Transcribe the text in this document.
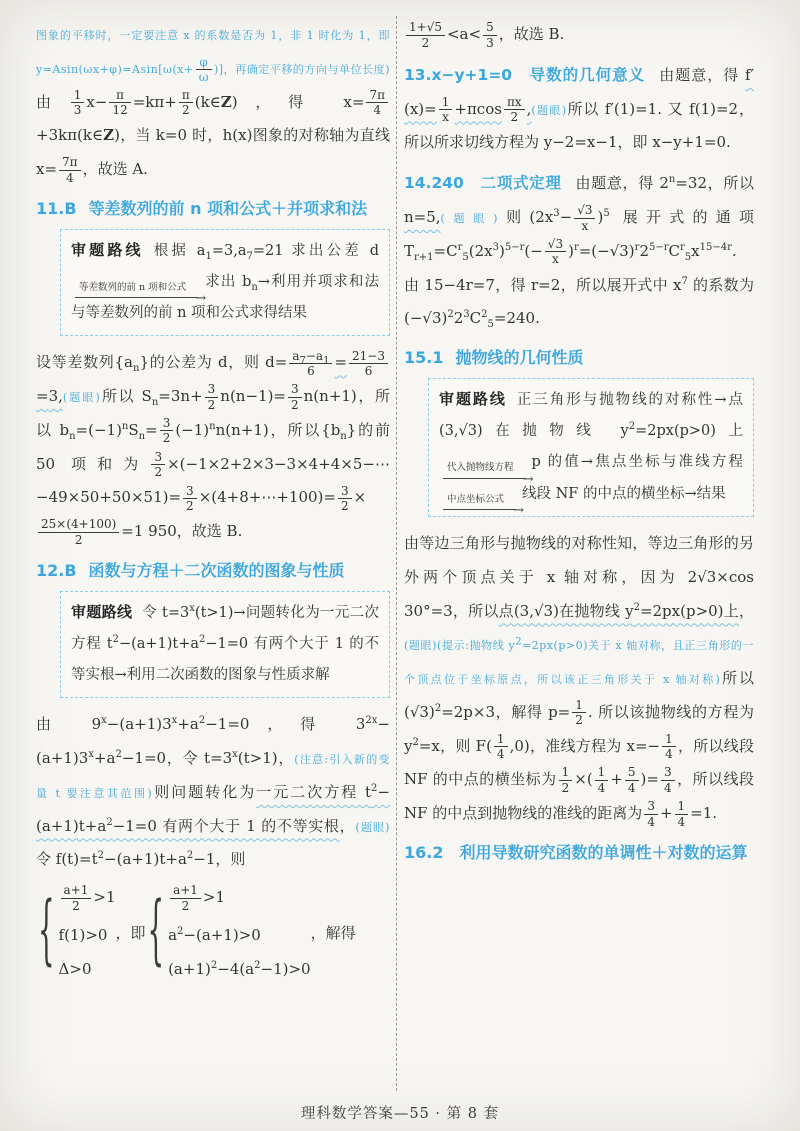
图象的平移时，一定要注意 x 的系数是否为 1，非 1 时化为 1，即 $y=Asin(\omega x+\varphi)=Asin[\omega(x+ \frac{\varphi}{\omega}$ )]，再确定平移的方向与单位长度)由 $\frac{1}{3} x- \frac{\pi}{12} =k\pi+ \frac{\pi}{2}$ (k∈Z)，得 $x= \frac{7\pi}{4}$
+3kπ(k∈Z)，当 k=0 时，h(x)图象的对称轴为直线 $x= \frac{7\pi}{4}$ ，故选 A.

11.B 等差数列的前 n 项和公式＋并项求和法
审题路线 根据 $a_1=3,a_7=21$ 求出公差 d等差数列的前 n 项和公式 → 求出 $b_n\to$利用并项求和法与等差数列的前 n 项和公式求得结果

设等差数列$\{a_n\}$的公差为 d，则 $d= \frac{a_7-a_1}{6} = \frac{21-3}{6}$
=3,(题眼)所以 $S_n=3n+ \frac{3}{2} n(n-1)= \frac{3}{2} n(n+1)$，所以 $b_n=(-1)^nS_n= \frac{3}{2} (-1)^nn(n+1)$，所以$\{b_n\}$的前 50 项和为 $\frac{3}{2}$ ×(−1×2+2×3−3×4+4×5−⋯−49×50+50×51)= $\frac{3}{2}$ ×(4+8+⋯+100)= $\frac{3}{2}$ ×
$\frac{25\times(4+100)}{2} =1$ 950，故选 B.

12.B 函数与方程＋二次函数的图象与性质
审题路线 令 $t=3^x(t>1)\to$问题转化为一元二次方程 $t^2-(a+1)t+a^2-1=0$ 有两个大于 1 的不等实根→利用二次函数的图象与性质求解

由 $9^x-(a+1)3^x+a^2-1=0$，得 $3^{2x}-(a+1)3^x+a^2-1=0$，令 $t=3^x(t>1)$，(注意:引入新的变量 t 要注意其范围)则问题转化为一元二次方程 $t^2-(a+1)t+a^2-1=0$ 有两个大于 1 的不等实根，(题眼)令 $f(t)=t^2-(a+1)t+a^2-1$，则

{ $\frac{a+1}{2} >1$
f(1)>0
Δ>0
，即 { $\frac{a+1}{2} >1$
$a^2-(a+1)>0$
$(a+1)^2-4(a^2-1)>0$
，解得

$\frac{1+√5}{2} <a< \frac{5}{3}$ ，故选 B.

13.x−y+1=0　导数的几何意义 由题意，得 $f'(x)= \frac{1}{x} +\pi\cos \frac{\pi x}{2}$ ,(题眼)所以 f′(1)=1. 又 f(1)=2，所以所求切线方程为 y−2=x−1，即 x−y+1=0.

14.240　二项式定理 由题意，得 $2^n=32$，所以n=5,(题眼)则$(2x^3- \frac{√3}{x} )^5$ 展开式的通项 $T_{r+1}=C^r_5(2x^3)^{5-r}(- \frac{√3}{x} )^r=(-√3)^r2^{5-r}C^r_5x^{15-4r}$. 由 15−4r=7，得 r=2，所以展开式中 $x^7$ 的系数为$(-√3)^22^3C^2_5=240$.

15.1 抛物线的几何性质
审题路线 正三角形与抛物线的对称性→点(3,√3)在抛物线 $y^2=2px(p>0)$上代入抛物线方程 → p 的值→焦点坐标与准线方程中点坐标公式 → 线段 NF 的中点的横坐标→结果

由等边三角形与抛物线的对称性知，等边三角形的另外两个顶点关于 x 轴对称，因为 2√3×cos 30°=3，所以点(3,√3)在抛物线 $y^2=2px(p>0)$上，(题眼)(提示:抛物线 $y^2=2px(p>0)$关于 x 轴对称，且正三角形的一个顶点位于坐标原点，所以该正三角形关于 x 轴对称)所以$(√3)^2=2p\times 3$，解得 $p= \frac{1}{2}$ . 所以该抛物线的方程为 $y^2=x$，则 $F( \frac{1}{4} ,0)$，准线方程为 $x=- \frac{1}{4}$ ，所以线段 NF 的中点的横坐标为 $\frac{1}{2}$ ×( $\frac{1}{4} + \frac{5}{4}$ )= $\frac{3}{4}$ ，所以线段 NF 的中点到抛物线的准线的距离为 $\frac{3}{4} + \frac{1}{4} =1$.

16.2　利用导数研究函数的单调性＋对数的运算
理科数学答案—55 · 第 8 套
